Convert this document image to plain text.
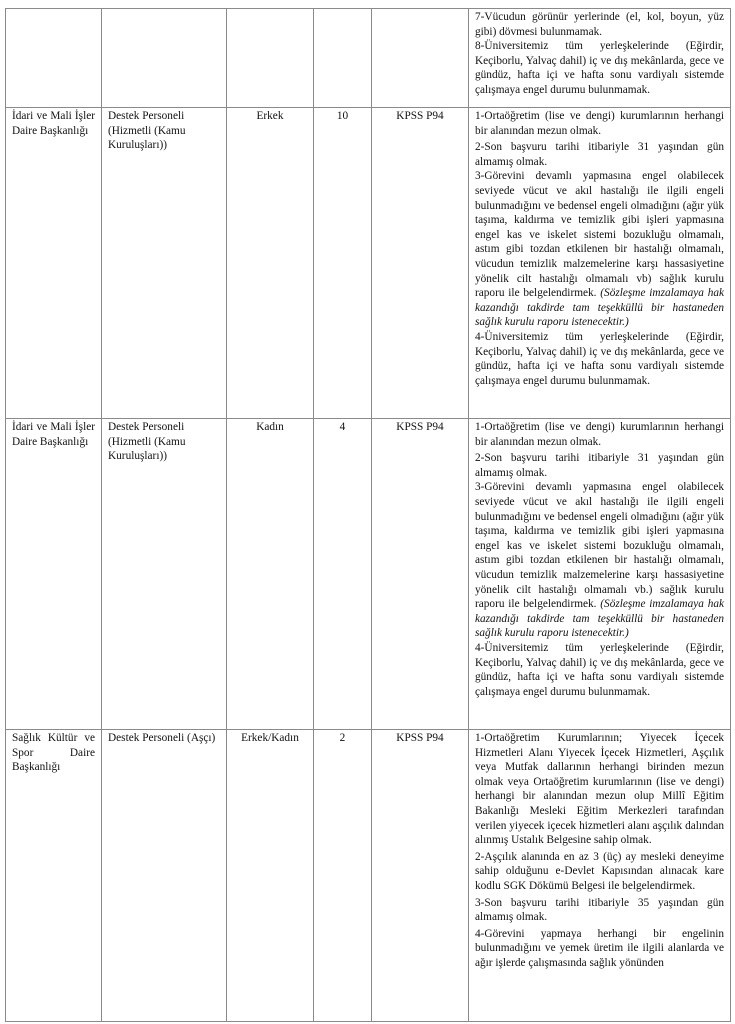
					7-Vücudun görünür yerlerinde (el, kol, boyun, yüz gibi) dövmesi bulunmamak.

8-Üniversitemiz tüm yerleşkelerinde (Eğirdir, Keçiborlu, Yalvaç dahil) iç ve dış mekânlarda, gece ve gündüz, hafta içi ve hafta sonu vardiyalı sistemde çalışmaya engel durumu bulunmamak.

İdari ve Mali İşler Daire Başkanlığı	Destek Personeli (Hizmetli (Kamu Kuruluşları))	Erkek	10	KPSS P94	1-Ortaöğretim (lise ve dengi) kurumlarının herhangi bir alanından mezun olmak.

2-Son başvuru tarihi itibariyle 31 yaşından gün almamış olmak.

3-Görevini devamlı yapmasına engel olabilecek seviyede vücut ve akıl hastalığı ile ilgili engeli bulunmadığını ve bedensel engeli olmadığını (ağır yük taşıma, kaldırma ve temizlik gibi işleri yapmasına engel kas ve iskelet sistemi bozukluğu olmamalı, astım gibi tozdan etkilenen bir hastalığı olmamalı, vücudun temizlik malzemelerine karşı hassasiyetine yönelik cilt hastalığı olmamalı vb) sağlık kurulu raporu ile belgelendirmek. (Sözleşme imzalamaya hak kazandığı takdirde tam teşekküllü bir hastaneden sağlık kurulu raporu istenecektir.)

4-Üniversitemiz tüm yerleşkelerinde (Eğirdir, Keçiborlu, Yalvaç dahil) iç ve dış mekânlarda, gece ve gündüz, hafta içi ve hafta sonu vardiyalı sistemde çalışmaya engel durumu bulunmamak.

İdari ve Mali İşler Daire Başkanlığı	Destek Personeli (Hizmetli (Kamu Kuruluşları))	Kadın	4	KPSS P94	1-Ortaöğretim (lise ve dengi) kurumlarının herhangi bir alanından mezun olmak.

2-Son başvuru tarihi itibariyle 31 yaşından gün almamış olmak.

3-Görevini devamlı yapmasına engel olabilecek seviyede vücut ve akıl hastalığı ile ilgili engeli bulunmadığını ve bedensel engeli olmadığını (ağır yük taşıma, kaldırma ve temizlik gibi işleri yapmasına engel kas ve iskelet sistemi bozukluğu olmamalı, astım gibi tozdan etkilenen bir hastalığı olmamalı, vücudun temizlik malzemelerine karşı hassasiyetine yönelik cilt hastalığı olmamalı vb.) sağlık kurulu raporu ile belgelendirmek. (Sözleşme imzalamaya hak kazandığı takdirde tam teşekküllü bir hastaneden sağlık kurulu raporu istenecektir.)

4-Üniversitemiz tüm yerleşkelerinde (Eğirdir, Keçiborlu, Yalvaç dahil) iç ve dış mekânlarda, gece ve gündüz, hafta içi ve hafta sonu vardiyalı sistemde çalışmaya engel durumu bulunmamak.

Sağlık Kültür ve Spor Daire Başkanlığı	Destek Personeli (Aşçı)	Erkek/Kadın	2	KPSS P94	1-Ortaöğretim Kurumlarının; Yiyecek İçecek Hizmetleri Alanı Yiyecek İçecek Hizmetleri, Aşçılık veya Mutfak dallarının herhangi birinden mezun olmak veya Ortaöğretim kurumlarının (lise ve dengi) herhangi bir alanından mezun olup Millî Eğitim Bakanlığı Mesleki Eğitim Merkezleri tarafından verilen yiyecek içecek hizmetleri alanı aşçılık dalından alınmış Ustalık Belgesine sahip olmak.

2-Aşçılık alanında en az 3 (üç) ay mesleki deneyime sahip olduğunu e-Devlet Kapısından alınacak kare kodlu SGK Dökümü Belgesi ile belgelendirmek.

3-Son başvuru tarihi itibariyle 35 yaşından gün almamış olmak.

4-Görevini yapmaya herhangi bir engelinin bulunmadığını ve yemek üretim ile ilgili alanlarda ve ağır işlerde çalışmasında sağlık yönünden
